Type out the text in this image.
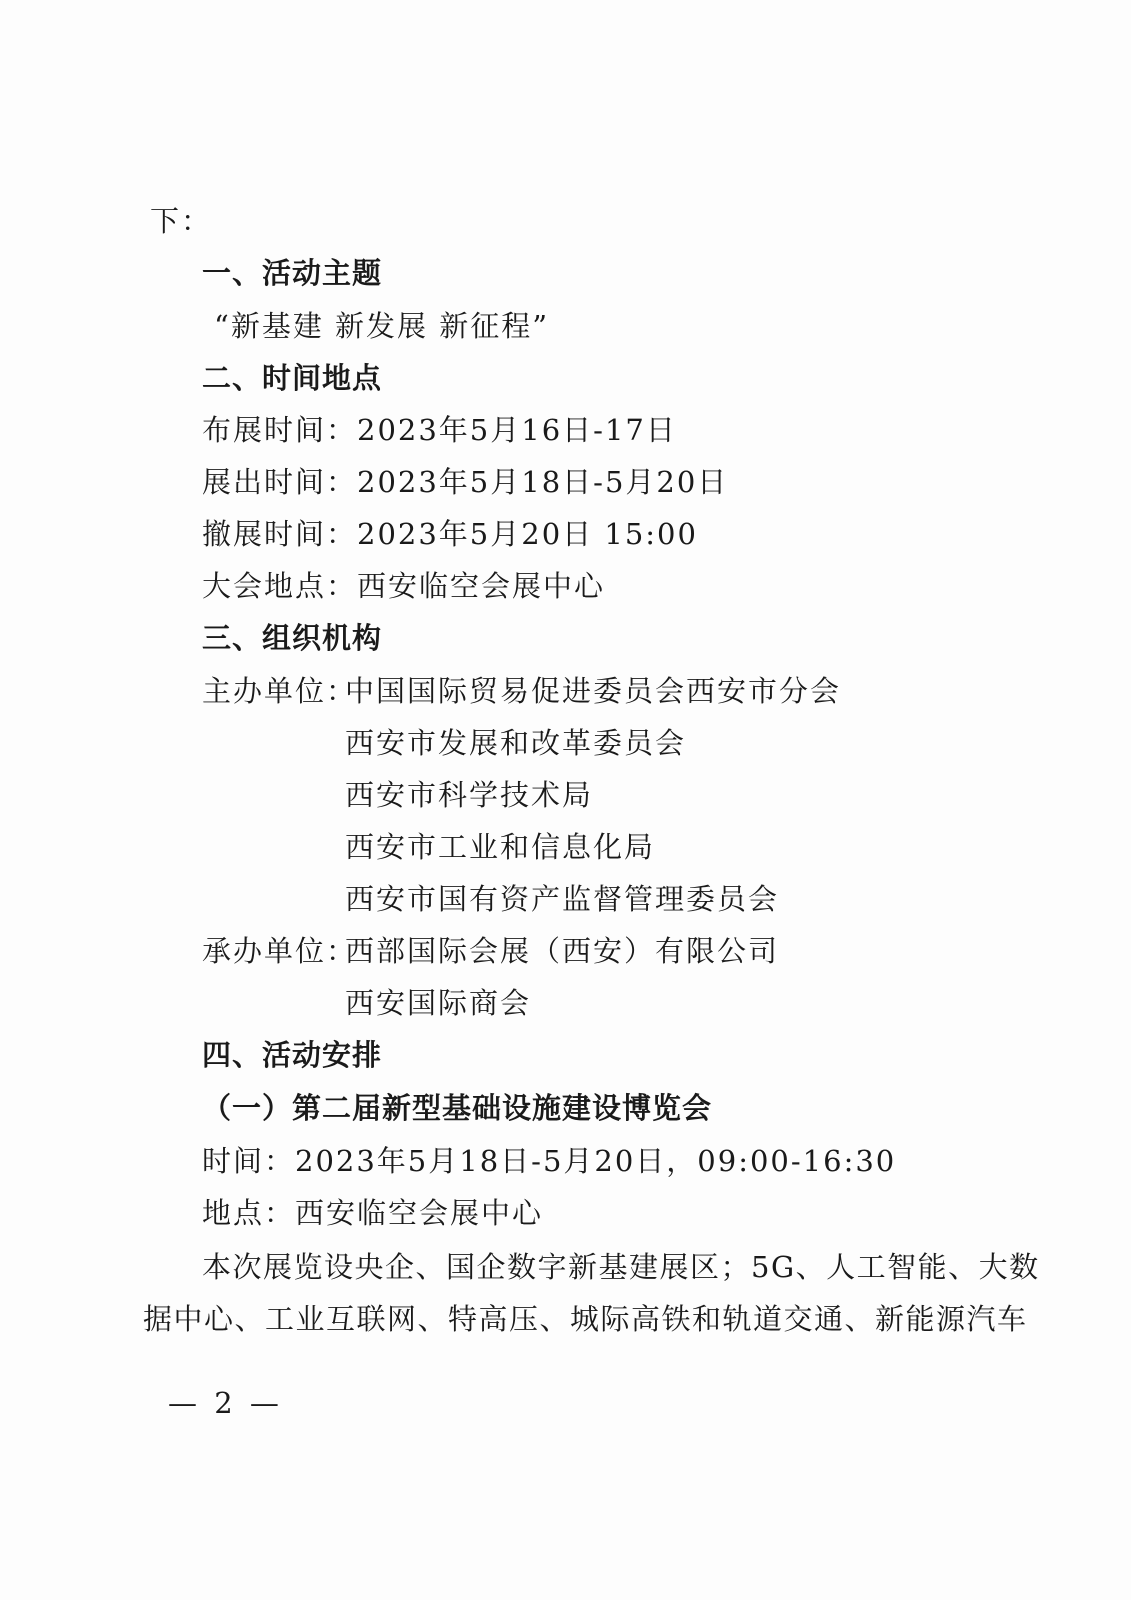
下：
一、活动主题
“新基建 新发展 新征程”
二、时间地点
布展时间：2023年5月16日-17日
展出时间：2023年5月18日-5月20日
撤展时间：2023年5月20日 15:00
大会地点：西安临空会展中心
三、组织机构
主办单位：
中国国际贸易促进委员会西安市分会
西安市发展和改革委员会
西安市科学技术局
西安市工业和信息化局
西安市国有资产监督管理委员会
承办单位：
西部国际会展（西安）有限公司
西安国际商会
四、活动安排
（一）第二届新型基础设施建设博览会
时间：2023年5月18日-5月20日，09:00-16:30
地点：西安临空会展中心
本次展览设央企、国企数字新基建展区；5G、人工智能、大数
据中心、工业互联网、特高压、城际高铁和轨道交通、新能源汽车
— 2 —
